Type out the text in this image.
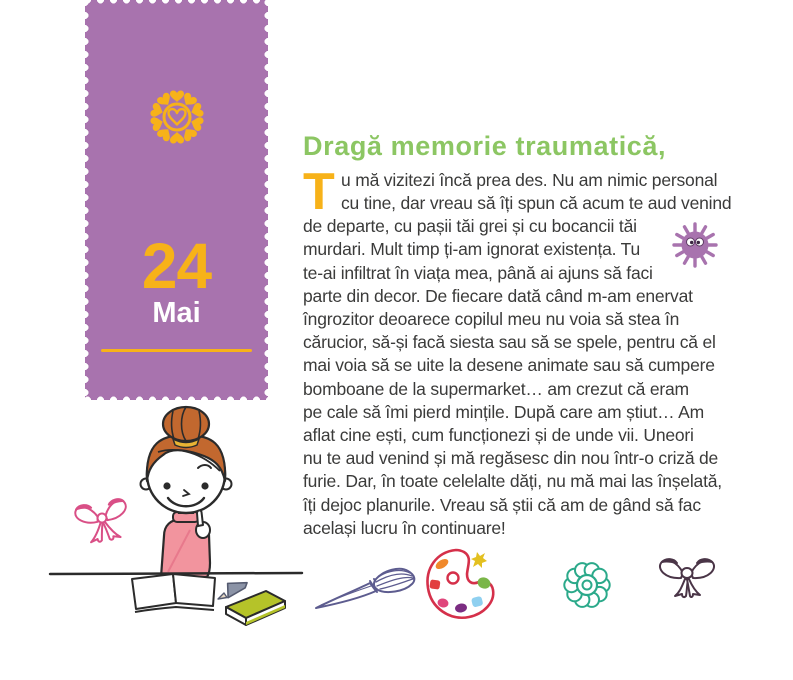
24
Mai
Dragă memorie traumatică,
T u mă vizitezi încă prea des. Nu am nimic personal
cu tine, dar vreau să îți spun că acum te aud venind
de departe, cu pașii tăi grei și cu bocancii tăi
murdari. Mult timp ți-am ignorat existența. Tu
te-ai infiltrat în viața mea, până ai ajuns să faci
parte din decor. De fiecare dată când m-am enervat
îngrozitor deoarece copilul meu nu voia să stea în
cărucior, să-și facă siesta sau să se spele, pentru că el
mai voia să se uite la desene animate sau să cumpere
bomboane de la supermarket… am crezut că eram
pe cale să îmi pierd mințile. După care am știut… Am
aflat cine ești, cum funcționezi și de unde vii. Uneori
nu te aud venind și mă regăsesc din nou într-o criză de
furie. Dar, în toate celelalte dăți, nu mă mai las înșelată,
îți dejoc planurile. Vreau să știi că am de gând să fac
același lucru în continuare!
